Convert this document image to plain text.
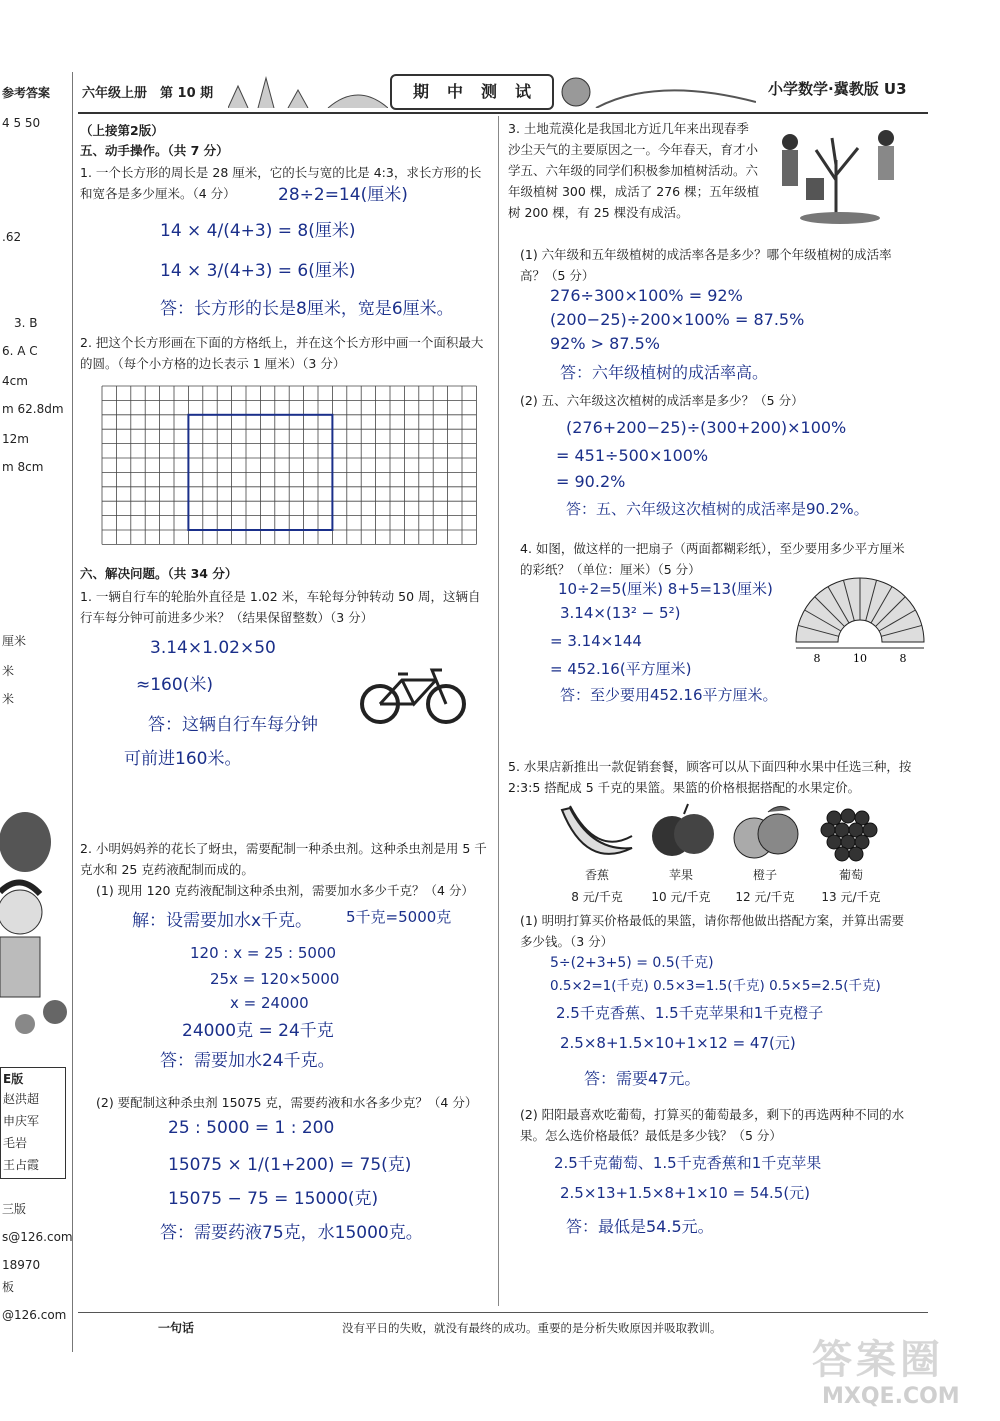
参考答案
4 5 50
.62
3. B
6. A C
4cm
m 62.8dm
12m
m 8cm
厘米
米
米
E版
赵洪超
申庆军
毛岩
王占霞
三版
s@126.com
18970
板
@126.com
六年级上册　第 10 期	期 中 测 试	小学数学·冀教版 U3
（上接第2版）
五、动手操作。（共 7 分）
1. 一个长方形的周长是 28 厘米，它的长与宽的比是 4:3，求长方形的长和宽各是多少厘米。（4 分）	28÷2=14(厘米)
14 × 4/(4+3) = 8(厘米)
14 × 3/(4+3) = 6(厘米)
答：长方形的长是8厘米，宽是6厘米。
2. 把这个长方形画在下面的方格纸上，并在这个长方形中画一个面积最大的圆。（每个小方格的边长表示 1 厘米）（3 分）
六、解决问题。（共 34 分）
1. 一辆自行车的轮胎外直径是 1.02 米，车轮每分钟转动 50 周，这辆自行车每分钟可前进多少米？（结果保留整数）（3 分）
3.14×1.02×50
≈160(米)
答：这辆自行车每分钟
可前进160米。
2. 小明妈妈养的花长了蚜虫，需要配制一种杀虫剂。这种杀虫剂是用 5 千克水和 25 克药液配制而成的。
(1) 现用 120 克药液配制这种杀虫剂，需要加水多少千克？（4 分）
解：设需要加水x千克。 5千克=5000克
120 : x = 25 : 5000
25x = 120×5000
x = 24000
24000克 = 24千克
答：需要加水24千克。
(2) 要配制这种杀虫剂 15075 克，需要药液和水各多少克？（4 分）
25 : 5000 = 1 : 200
15075 × 1/(1+200) = 75(克)
15075 − 75 = 15000(克)
答：需要药液75克，水15000克。
3. 土地荒漠化是我国北方近几年来出现春季沙尘天气的主要原因之一。今年春天，育才小学五、六年级的同学们积极参加植树活动。六年级植树 300 棵，成活了 276 棵；五年级植树 200 棵，有 25 棵没有成活。
(1) 六年级和五年级植树的成活率各是多少？哪个年级植树的成活率高？（5 分）
276÷300×100% = 92%
(200−25)÷200×100% = 87.5%
92% > 87.5%
答：六年级植树的成活率高。
(2) 五、六年级这次植树的成活率是多少？（5 分）
(276+200−25)÷(300+200)×100%
= 451÷500×100%
= 90.2%
答：五、六年级这次植树的成活率是90.2%。
4. 如图，做这样的一把扇子（两面都糊彩纸），至少要用多少平方厘米的彩纸？（单位：厘米）（5 分）
10÷2=5(厘米) 8+5=13(厘米)
3.14×(13² − 5²)
= 3.14×144
= 452.16(平方厘米)
答：至少要用452.16平方厘米。
8	10	8
5. 水果店新推出一款促销套餐，顾客可以从下面四种水果中任选三种，按 2:3:5 搭配成 5 千克的果篮。果篮的价格根据搭配的水果定价。
香蕉	苹果	橙子	葡萄
8 元/千克	10 元/千克	12 元/千克	13 元/千克
(1) 明明打算买价格最低的果篮，请你帮他做出搭配方案，并算出需要多少钱。（3 分）
5÷(2+3+5) = 0.5(千克)
0.5×2=1(千克) 0.5×3=1.5(千克) 0.5×5=2.5(千克)
2.5千克香蕉、1.5千克苹果和1千克橙子
2.5×8+1.5×10+1×12 = 47(元)
答：需要47元。
(2) 阳阳最喜欢吃葡萄，打算买的葡萄最多，剩下的再选两种不同的水果。怎么选价格最低？最低是多少钱？（5 分）
2.5千克葡萄、1.5千克香蕉和1千克苹果
2.5×13+1.5×8+1×10 = 54.5(元)
答：最低是54.5元。
一句话	没有平日的失败，就没有最终的成功。重要的是分析失败原因并吸取教训。
答案圈
MXQE.COM
